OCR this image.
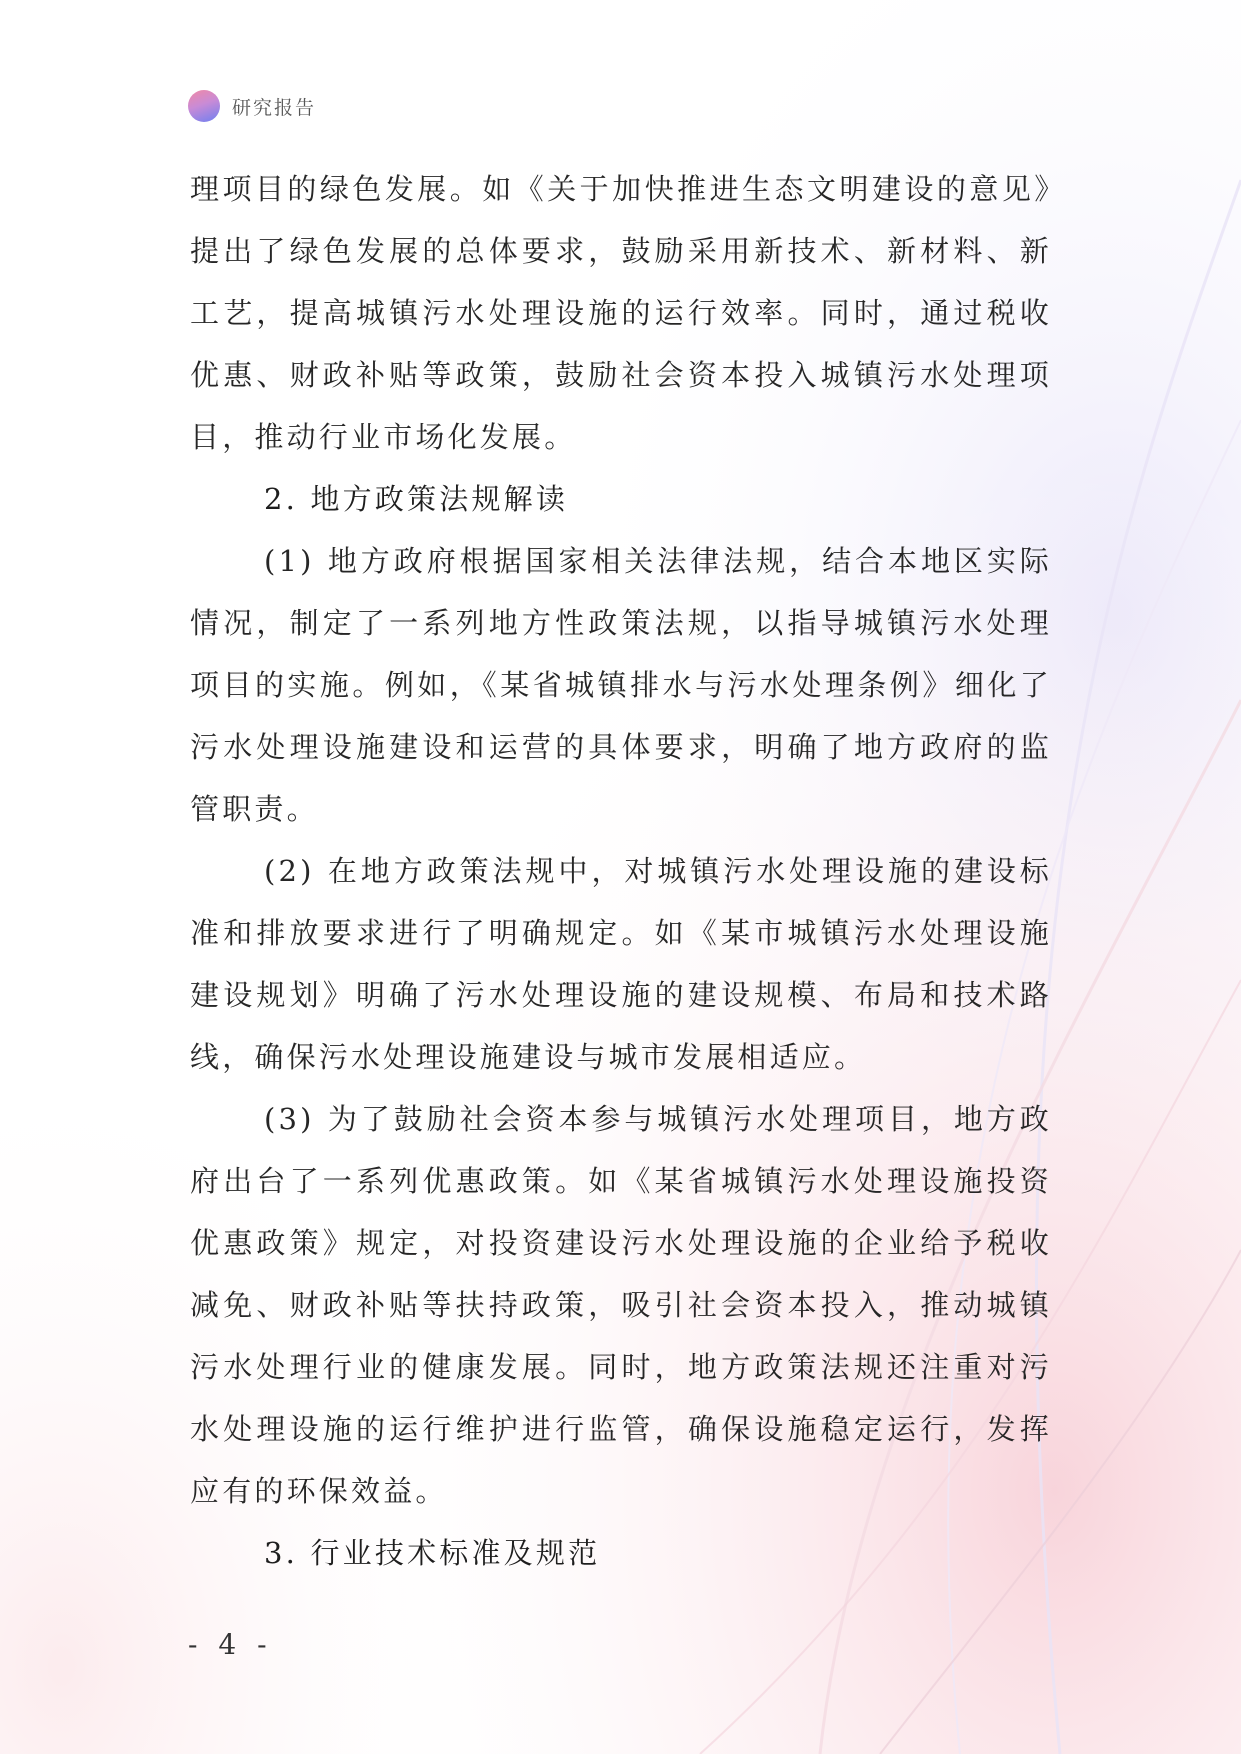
研究报告

理项目的绿色发展。如《关于加快推进生态文明建设的意见》提出了绿色发展的总体要求，鼓励采用新技术、新材料、新工艺，提高城镇污水处理设施的运行效率。同时，通过税收优惠、财政补贴等政策，鼓励社会资本投入城镇污水处理项目，推动行业市场化发展。

2. 地方政策法规解读

(1) 地方政府根据国家相关法律法规，结合本地区实际情况，制定了一系列地方性政策法规，以指导城镇污水处理项目的实施。例如，《某省城镇排水与污水处理条例》细化了污水处理设施建设和运营的具体要求，明确了地方政府的监管职责。

(2) 在地方政策法规中，对城镇污水处理设施的建设标准和排放要求进行了明确规定。如《某市城镇污水处理设施建设规划》明确了污水处理设施的建设规模、布局和技术路线，确保污水处理设施建设与城市发展相适应。

(3) 为了鼓励社会资本参与城镇污水处理项目，地方政府出台了一系列优惠政策。如《某省城镇污水处理设施投资优惠政策》规定，对投资建设污水处理设施的企业给予税收减免、财政补贴等扶持政策，吸引社会资本投入，推动城镇污水处理行业的健康发展。同时，地方政策法规还注重对污水处理设施的运行维护进行监管，确保设施稳定运行，发挥应有的环保效益。

3. 行业技术标准及规范

- 4 -
